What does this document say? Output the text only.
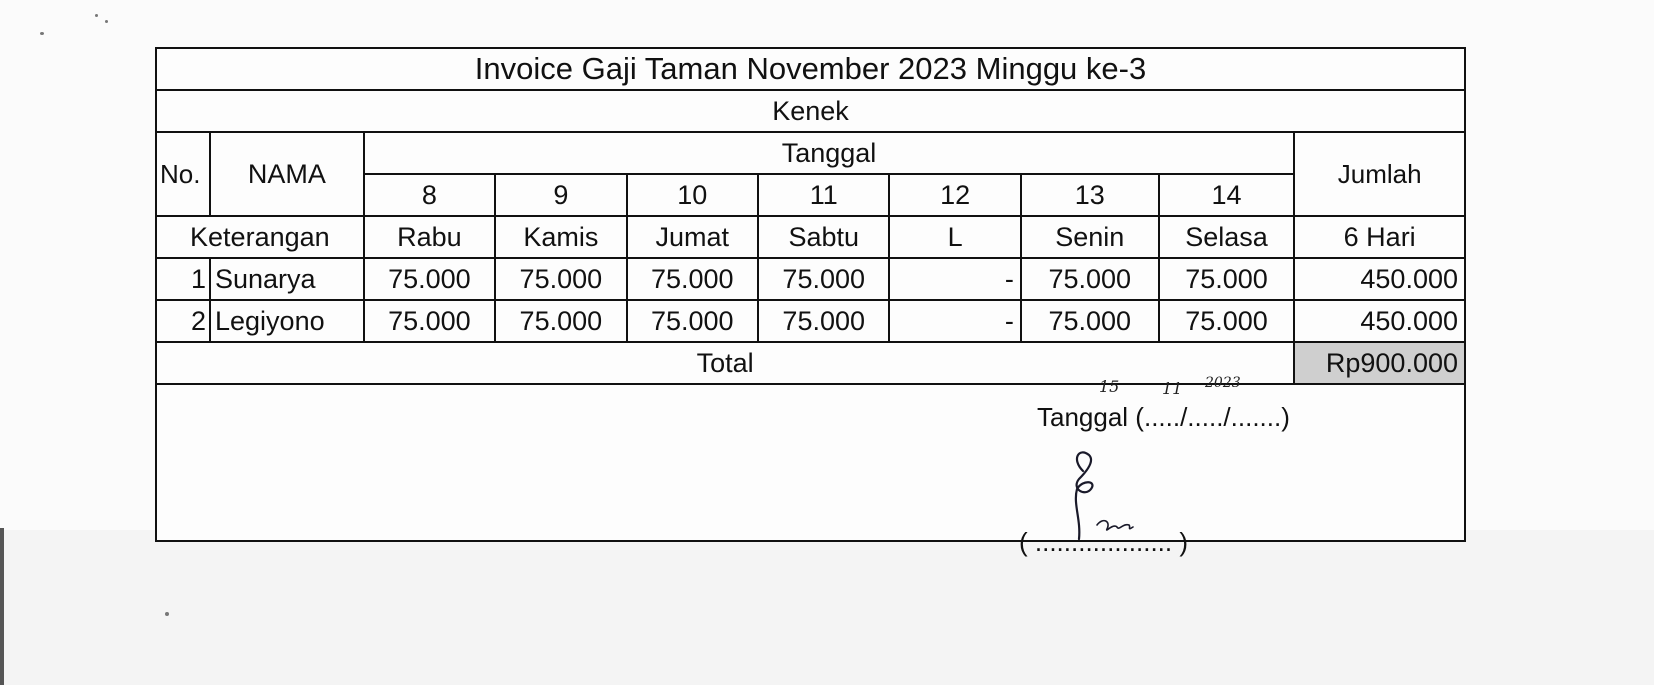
Invoice Gaji Taman November 2023 Minggu ke-3									
Kenek									
No.	NAMA	Tanggal							Jumlah
		8	9	10	11	12	13	14	
Keterangan		Rabu	Kamis	Jumat	Sabtu	L	Senin	Selasa	6 Hari
1	Sunarya	75.000	75.000	75.000	75.000	-	75.000	75.000	450.000
2	Legiyono	75.000	75.000	75.000	75.000	-	75.000	75.000	450.000
Total									Rp900.000
Tanggal (...../...../.......)
15	11 2023
( ................... )
